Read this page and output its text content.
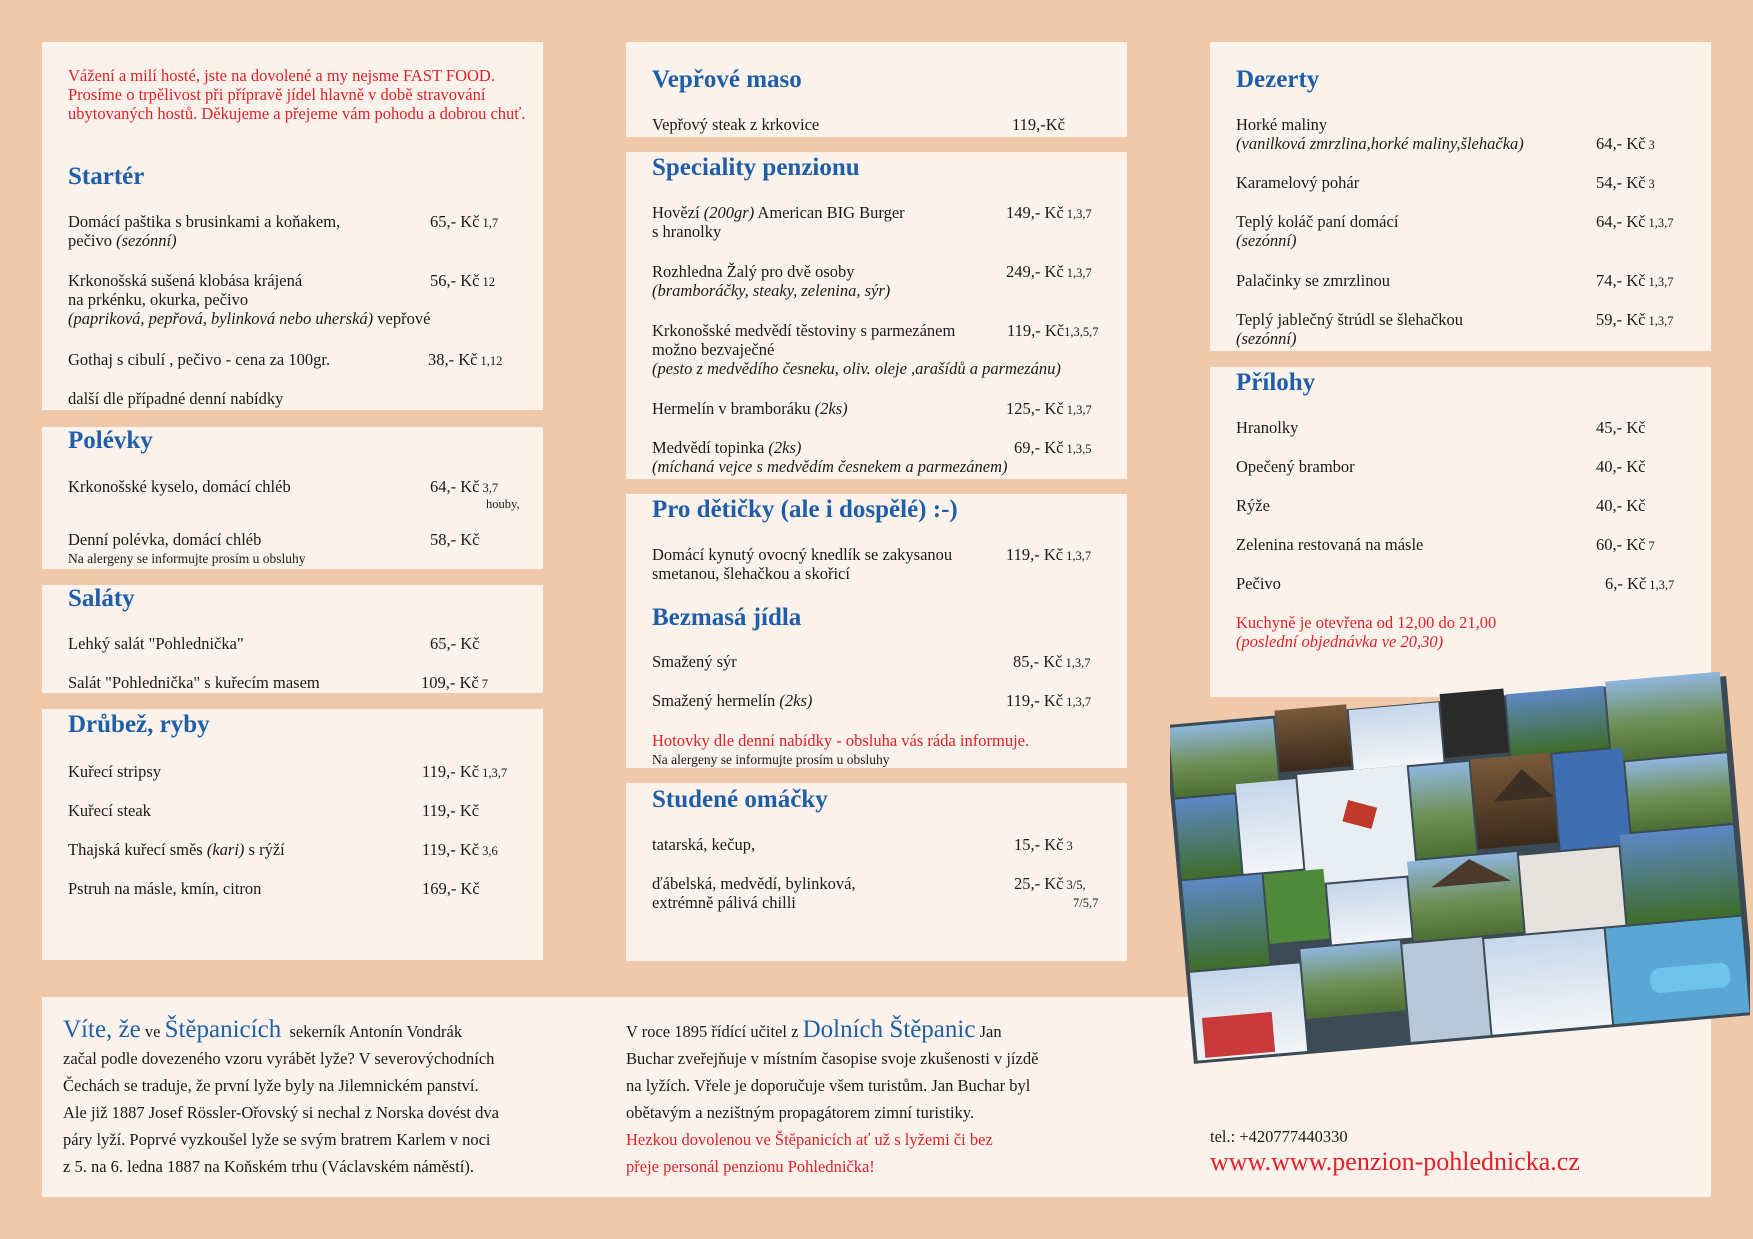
Vážení a milí hosté, jste na dovolené a my nejsme FAST FOOD. Prosíme o trpělivost při přípravě jídel hlavně v době stravování ubytovaných hostů. Děkujeme a přejeme vám pohodu a dobrou chuť.
Startér
Domácí paštika s brusinkami a koňakem,
pečivo (sezónní)
65,- Kč 1,7
Krkonošská sušená klobása krájená
na prkénku, okurka, pečivo
(papriková, pepřová, bylinková nebo uherská) vepřové
56,- Kč 12
Gothaj s cibulí , pečivo - cena za 100gr.	38,- Kč 1,12
další dle případné denní nabídky
Polévky
Krkonošské kyselo, domácí chléb	64,- Kč 3,7
houby,
Denní polévka, domácí chléb	58,- Kč
Na alergeny se informujte prosím u obsluhy
Saláty
Lehký salát "Pohlednička"	65,- Kč
Salát "Pohlednička" s kuřecím masem	109,- Kč 7
Drůbež, ryby
Kuřecí stripsy	119,- Kč 1,3,7
Kuřecí steak	119,- Kč
Thajská kuřecí směs (kari) s rýží	119,- Kč 3,6
Pstruh na másle, kmín, citron	169,- Kč
Vepřové maso
Vepřový steak z krkovice	119,-Kč
Speciality penzionu
Hovězí (200gr) American BIG Burger
s hranolky
149,- Kč 1,3,7
Rozhledna Žalý pro dvě osoby
(bramboráčky, steaky, zelenina, sýr)
249,- Kč 1,3,7
Krkonošské medvědí těstoviny s parmezánem
možno bezvaječné
(pesto z medvědího česneku, oliv. oleje ,arašídů a parmezánu)
119,- Kč1,3,5,7
Hermelín v bramboráku (2ks)	125,- Kč 1,3,7
Medvědí topinka (2ks)
(míchaná vejce s medvědím česnekem a parmezánem)
69,- Kč 1,3,5
Pro dětičky (ale i dospělé) :-)
Domácí kynutý ovocný knedlík se zakysanou
smetanou, šlehačkou a skořicí
119,- Kč 1,3,7
Bezmasá jídla
Smažený sýr	85,- Kč 1,3,7
Smažený hermelín (2ks)	119,- Kč 1,3,7
Hotovky dle denní nabídky - obsluha vás ráda informuje.
Na alergeny se informujte prosím u obsluhy
Studené omáčky
tatarská, kečup,	15,- Kč 3
ďábelská, medvědí, bylinková,
extrémně pálivá chilli
25,- Kč 3/5,
7/5,7
Dezerty
Horké maliny
(vanilková zmrzlina,horké maliny,šlehačka)	64,- Kč 3
Karamelový pohár	54,- Kč 3
Teplý koláč paní domácí
(sezónní)
64,- Kč 1,3,7
Palačinky se zmrzlinou	74,- Kč 1,3,7
Teplý jablečný štrúdl se šlehačkou
(sezónní)
59,- Kč 1,3,7
Přílohy
Hranolky	45,- Kč
Opečený brambor	40,- Kč
Rýže	40,- Kč
Zelenina restovaná na másle	60,- Kč 7
Pečivo	6,- Kč 1,3,7
Kuchyně je otevřena od 12,00 do 21,00
(poslední objednávka ve 20,30)
Víte, že ve Štěpanicích sekerník Antonín Vondrák
začal podle dovezeného vzoru vyrábět lyže? V severovýchodních
Čechách se traduje, že první lyže byly na Jilemnickém panství.
Ale již 1887 Josef Rössler-Ořovský si nechal z Norska dovést dva
páry lyží. Poprvé vyzkoušel lyže se svým bratrem Karlem v noci
z 5. na 6. ledna 1887 na Koňském trhu (Václavském náměstí).
V roce 1895 řídící učitel z Dolních Štěpanic Jan
Buchar zveřejňuje v místním časopise svoje zkušenosti v jízdě
na lyžích. Vřele je doporučuje všem turistům. Jan Buchar byl
obětavým a nezištným propagátorem zimní turistiky.
Hezkou dovolenou ve Štěpanicích ať už s lyžemi či bez
přeje personál penzionu Pohlednička!
tel.: +420777440330
www.www.penzion-pohlednicka.cz
